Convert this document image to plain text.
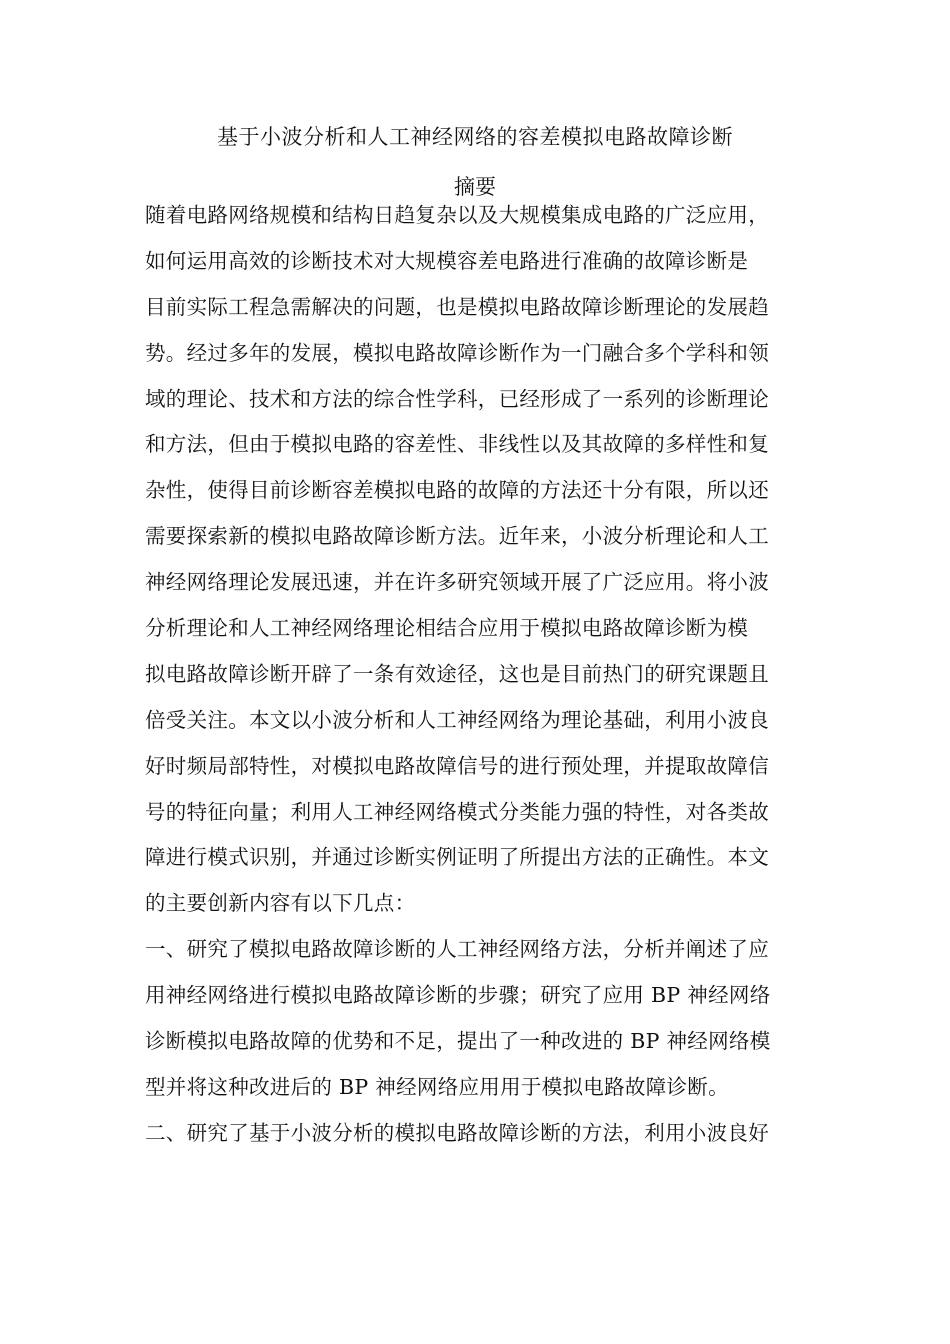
基于小波分析和人工神经网络的容差模拟电路故障诊断
摘要
随着电路网络规模和结构日趋复杂以及大规模集成电路的广泛应用，
如何运用高效的诊断技术对大规模容差电路进行准确的故障诊断是
目前实际工程急需解决的问题，也是模拟电路故障诊断理论的发展趋
势。经过多年的发展，模拟电路故障诊断作为一门融合多个学科和领
域的理论、技术和方法的综合性学科，已经形成了一系列的诊断理论
和方法，但由于模拟电路的容差性、非线性以及其故障的多样性和复
杂性，使得目前诊断容差模拟电路的故障的方法还十分有限，所以还
需要探索新的模拟电路故障诊断方法。近年来，小波分析理论和人工
神经网络理论发展迅速，并在许多研究领域开展了广泛应用。将小波
分析理论和人工神经网络理论相结合应用于模拟电路故障诊断为模
拟电路故障诊断开辟了一条有效途径，这也是目前热门的研究课题且
倍受关注。本文以小波分析和人工神经网络为理论基础，利用小波良
好时频局部特性，对模拟电路故障信号的进行预处理，并提取故障信
号的特征向量；利用人工神经网络模式分类能力强的特性，对各类故
障进行模式识别，并通过诊断实例证明了所提出方法的正确性。本文
的主要创新内容有以下几点：
一、研究了模拟电路故障诊断的人工神经网络方法，分析并阐述了应
用神经网络进行模拟电路故障诊断的步骤；研究了应用 BP 神经网络
诊断模拟电路故障的优势和不足，提出了一种改进的 BP 神经网络模
型并将这种改进后的 BP 神经网络应用用于模拟电路故障诊断。
二、研究了基于小波分析的模拟电路故障诊断的方法，利用小波良好
